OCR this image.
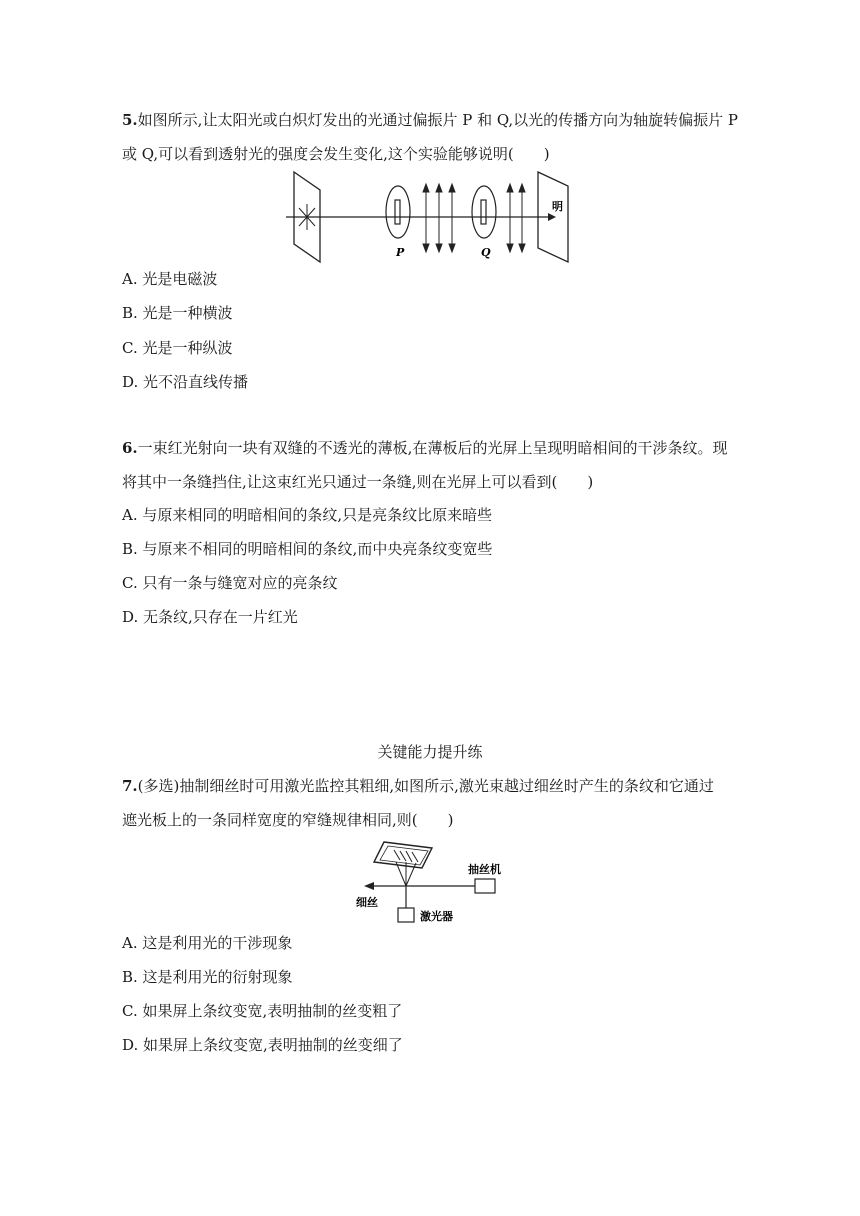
5.如图所示,让太阳光或白炽灯发出的光通过偏振片 P 和 Q,以光的传播方向为轴旋转偏振片 P
或 Q,可以看到透射光的强度会发生变化,这个实验能够说明(　　)
P	Q
明
A. 光是电磁波
B. 光是一种横波
C. 光是一种纵波
D. 光不沿直线传播
6.一束红光射向一块有双缝的不透光的薄板,在薄板后的光屏上呈现明暗相间的干涉条纹。现
将其中一条缝挡住,让这束红光只通过一条缝,则在光屏上可以看到(　　)
A. 与原来相同的明暗相间的条纹,只是亮条纹比原来暗些
B. 与原来不相同的明暗相间的条纹,而中央亮条纹变宽些
C. 只有一条与缝宽对应的亮条纹
D. 无条纹,只存在一片红光
关键能力提升练
7.(多选)抽制细丝时可用激光监控其粗细,如图所示,激光束越过细丝时产生的条纹和它通过
遮光板上的一条同样宽度的窄缝规律相同,则(　　)
抽丝机
细丝
激光器
A. 这是利用光的干涉现象
B. 这是利用光的衍射现象
C. 如果屏上条纹变宽,表明抽制的丝变粗了
D. 如果屏上条纹变宽,表明抽制的丝变细了
